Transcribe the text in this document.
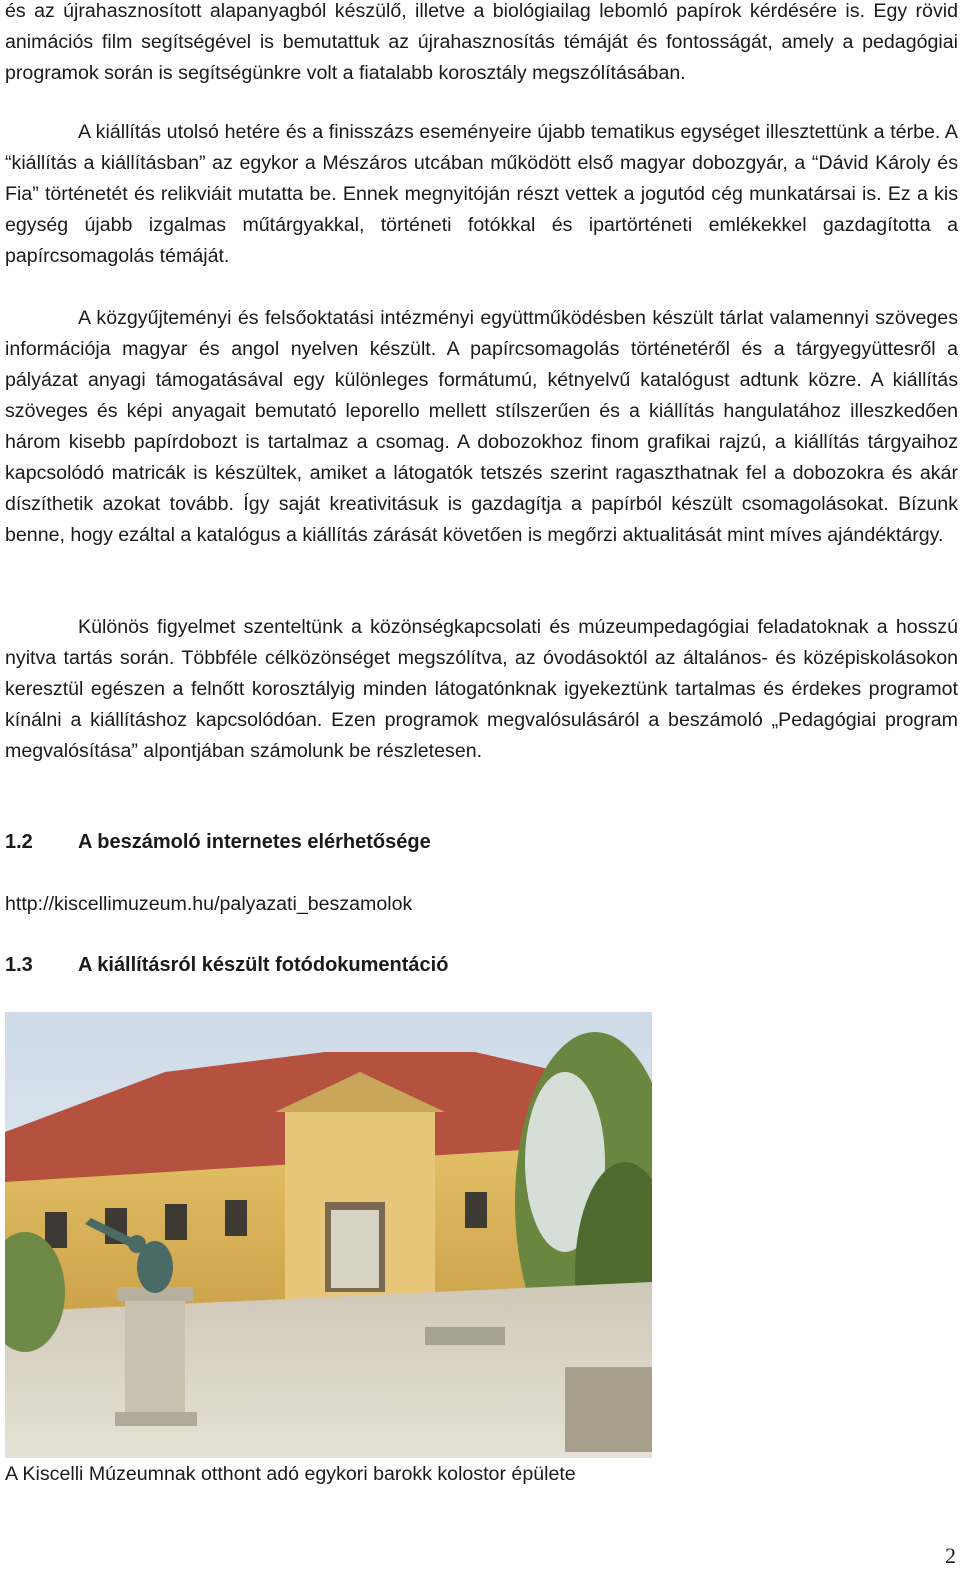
és az újrahasznosított alapanyagból készülő, illetve a biológiailag lebomló papírok kérdésére is. Egy rövid animációs film segítségével is bemutattuk az újrahasznosítás témáját és fontosságát, amely a pedagógiai programok során is segítségünkre volt a fiatalabb korosztály megszólításában.

A kiállítás utolsó hetére és a finisszázs eseményeire újabb tematikus egységet illesztettünk a térbe. A “kiállítás a kiállításban” az egykor a Mészáros utcában működött első magyar dobozgyár, a “Dávid Károly és Fia” történetét és relikviáit mutatta be. Ennek megnyitóján részt vettek a jogutód cég munkatársai is. Ez a kis egység újabb izgalmas műtárgyakkal, történeti fotókkal és ipartörténeti emlékekkel gazdagította a papírcsomagolás témáját.

A közgyűjteményi és felsőoktatási intézményi együttműködésben készült tárlat valamennyi szöveges információja magyar és angol nyelven készült. A papírcsomagolás történetéről és a tárgyegyüttesről a pályázat anyagi támogatásával egy különleges formátumú, kétnyelvű katalógust adtunk közre. A kiállítás szöveges és képi anyagait bemutató leporello mellett stílszerűen és a kiállítás hangulatához illeszkedően három kisebb papírdobozt is tartalmaz a csomag. A dobozokhoz finom grafikai rajzú, a kiállítás tárgyaihoz kapcsolódó matricák is készültek, amiket a látogatók tetszés szerint ragaszthatnak fel a dobozokra és akár díszíthetik azokat tovább. Így saját kreativitásuk is gazdagítja a papírból készült csomagolásokat. Bízunk benne, hogy ezáltal a katalógus a kiállítás zárását követően is megőrzi aktualitását mint míves ajándéktárgy.

Különös figyelmet szenteltünk a közönségkapcsolati és múzeumpedagógiai feladatoknak a hosszú nyitva tartás során. Többféle célközönséget megszólítva, az óvodásoktól az általános- és középiskolásokon keresztül egészen a felnőtt korosztályig minden látogatónknak igyekeztünk tartalmas és érdekes programot kínálni a kiállításhoz kapcsolódóan. Ezen programok megvalósulásáról a beszámoló „Pedagógiai program megvalósítása” alpontjában számolunk be részletesen.

1.2 A beszámoló internetes elérhetősége

http://kiscellimuzeum.hu/palyazati_beszamolok

1.3 A kiállításról készült fotódokumentáció

A Kiscelli Múzeumnak otthont adó egykori barokk kolostor épülete

2
